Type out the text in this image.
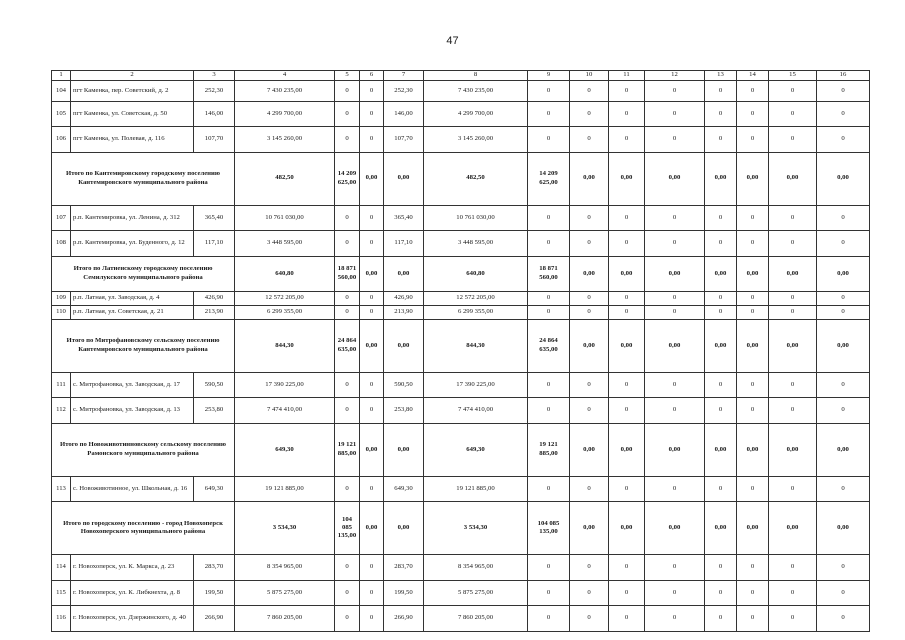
47
1	2	3	4	5	6	7	8	9	10	11	12	13	14	15	16
104	пгт Каменка, пер. Советский, д. 2	252,30	7 430 235,00	0	0	252,30	7 430 235,00	0	0	0	0	0	0	0	0
105	пгт Каменка, ул. Советская, д. 50	146,00	4 299 700,00	0	0	146,00	4 299 700,00	0	0	0	0	0	0	0	0
106	пгт Каменка, ул. Полевая, д. 116	107,70	3 145 260,00	0	0	107,70	3 145 260,00	0	0	0	0	0	0	0	0
Итого по Кантемировскому городскому поселению Кантемировского муниципального района			482,50	14 209 625,00	0,00	0,00	482,50	14 209 625,00	0,00	0,00	0,00	0,00	0,00	0,00	0,00
107	р.п. Кантемировка, ул. Ленина, д. 312	365,40	10 761 030,00	0	0	365,40	10 761 030,00	0	0	0	0	0	0	0	0
108	р.п. Кантемировка, ул. Буденного, д. 12	117,10	3 448 595,00	0	0	117,10	3 448 595,00	0	0	0	0	0	0	0	0
Итого по Латненскому городскому поселению Семилукского муниципального района			640,80	18 871 560,00	0,00	0,00	640,80	18 871 560,00	0,00	0,00	0,00	0,00	0,00	0,00	0,00
109	р.п. Латная, ул. Заводская, д. 4	426,90	12 572 205,00	0	0	426,90	12 572 205,00	0	0	0	0	0	0	0	0
110	р.п. Латная, ул. Советская, д. 21	213,90	6 299 355,00	0	0	213,90	6 299 355,00	0	0	0	0	0	0	0	0
Итого по Митрофановскому сельскому поселению Кантемировского муниципального района			844,30	24 864 635,00	0,00	0,00	844,30	24 864 635,00	0,00	0,00	0,00	0,00	0,00	0,00	0,00
111	с. Митрофановка, ул. Заводская, д. 17	590,50	17 390 225,00	0	0	590,50	17 390 225,00	0	0	0	0	0	0	0	0
112	с. Митрофановка, ул. Заводская, д. 13	253,80	7 474 410,00	0	0	253,80	7 474 410,00	0	0	0	0	0	0	0	0
Итого по Новоживотинновскому сельскому поселению Рамонского муниципального района			649,30	19 121 885,00	0,00	0,00	649,30	19 121 885,00	0,00	0,00	0,00	0,00	0,00	0,00	0,00
113	с. Новоживотинное, ул. Школьная, д. 16	649,30	19 121 885,00	0	0	649,30	19 121 885,00	0	0	0	0	0	0	0	0
Итого по городскому поселению - город Новохоперск Новохоперского муниципального района			3 534,30	104 085 135,00	0,00	0,00	3 534,30	104 085 135,00	0,00	0,00	0,00	0,00	0,00	0,00	0,00
114	г. Новохоперск, ул. К. Маркса, д. 23	283,70	8 354 965,00	0	0	283,70	8 354 965,00	0	0	0	0	0	0	0	0
115	г. Новохоперск, ул. К. Либкнехта, д. 8	199,50	5 875 275,00	0	0	199,50	5 875 275,00	0	0	0	0	0	0	0	0
116	г. Новохоперск, ул. Дзержинского, д. 40	266,90	7 860 205,00	0	0	266,90	7 860 205,00	0	0	0	0	0	0	0	0
